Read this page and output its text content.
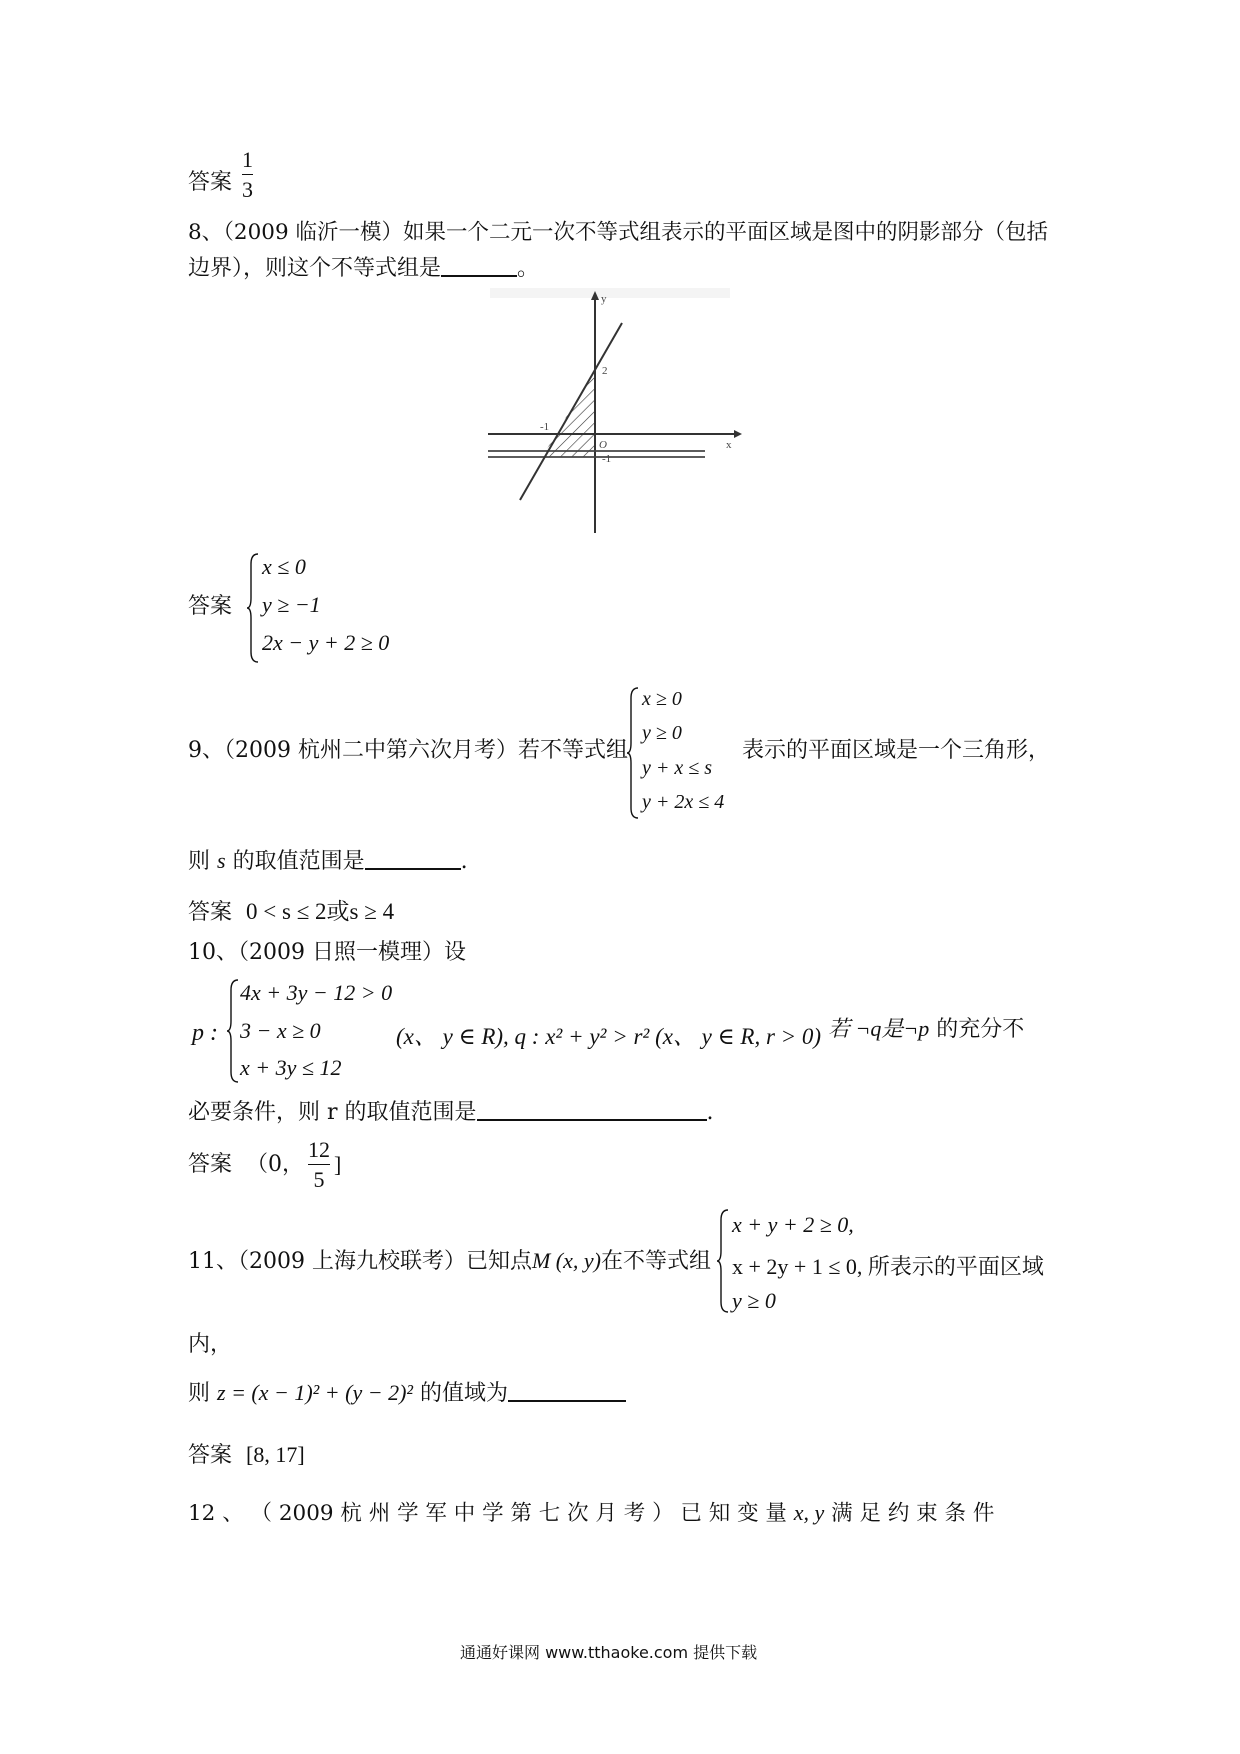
答案 $\frac{1}{3}$
8、（2009 临沂一模）如果一个二元一次不等式组表示的平面区域是图中的阴影部分（包括
边界），则这个不等式组是	。
y
x
O
2
-1
-1
答案
x ≤ 0
y ≥ −1
2x − y + 2 ≥ 0
9、（2009 杭州二中第六次月考）若不等式组
x ≥ 0
y ≥ 0
y + x ≤ s
y + 2x ≤ 4
表示的平面区域是一个三角形，
则 s 的取值范围是	.
答案 0 < s ≤ 2或s ≥ 4
10、（2009 日照一模理）设
p :
4x + 3y − 12 > 0
3 − x ≥ 0
x + 3y ≤ 12
(x、 y ∈ R), q : x² + y² > r² (x、 y ∈ R, r > 0) 若 ¬q是¬p 的充分不
必要条件，则 r 的取值范围是	.
答案
（0， $\frac{12}{5}$ ]
11、（2009 上海九校联考）已知点M (x, y)在不等式组
x + y + 2 ≥ 0,
x + 2y + 1 ≤ 0, 所表示的平面区域
y ≥ 0
内，
则 z = (x − 1)² + (y − 2)² 的值域为
答案 [8, 17]
12 、 （ 2009 杭 州 学 军 中 学 第 七 次 月 考 ） 已 知 变 量 x, y 满 足 约 束 条 件
通通好课网 www.tthaoke.com 提供下载
